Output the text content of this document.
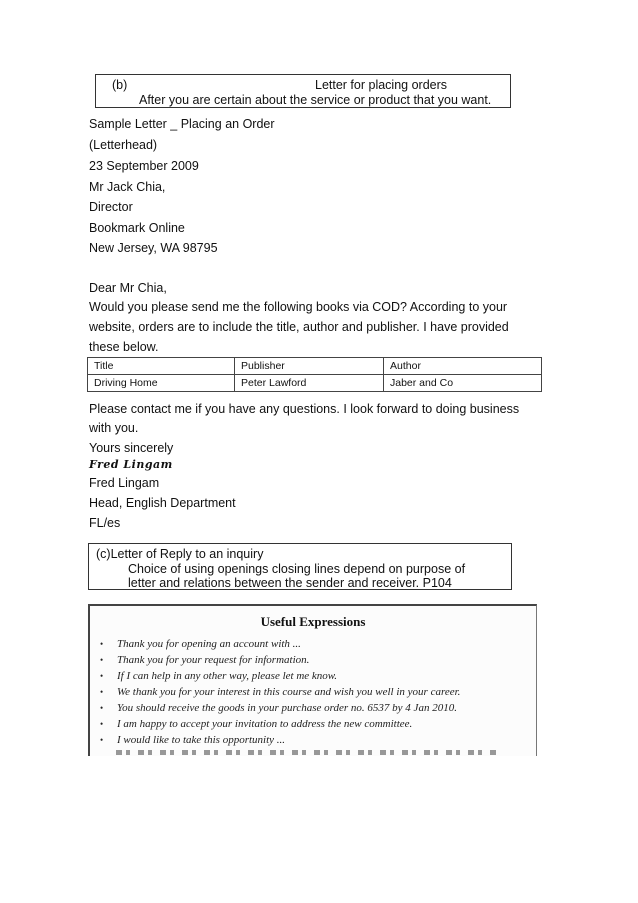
(b)	Letter for placing orders
After you are certain about the service or product that you want.
Sample Letter _ Placing an Order
(Letterhead)
23 September 2009
Mr Jack Chia,
Director
Bookmark Online
New Jersey, WA 98795
Dear Mr Chia,
Would you please send me the following books via COD? According to your
website, orders are to include the title, author and publisher. I have provided
these below.
Title	Publisher	Author
Driving Home	Peter Lawford	Jaber and Co
Please contact me if you have any questions. I look forward to doing business
with you.
Yours sincerely
Fred Lingam
Fred Lingam
Head, English Department
FL/es
(c)Letter of Reply to an inquiry
Choice of using openings closing lines depend on purpose of
letter and relations between the sender and receiver. P104
Useful Expressions
• Thank you for opening an account with ...
• Thank you for your request for information.
• If I can help in any other way, please let me know.
• We thank you for your interest in this course and wish you well in your career.
• You should receive the goods in your purchase order no. 6537 by 4 Jan 2010.
• I am happy to accept your invitation to address the new committee.
• I would like to take this opportunity ...
